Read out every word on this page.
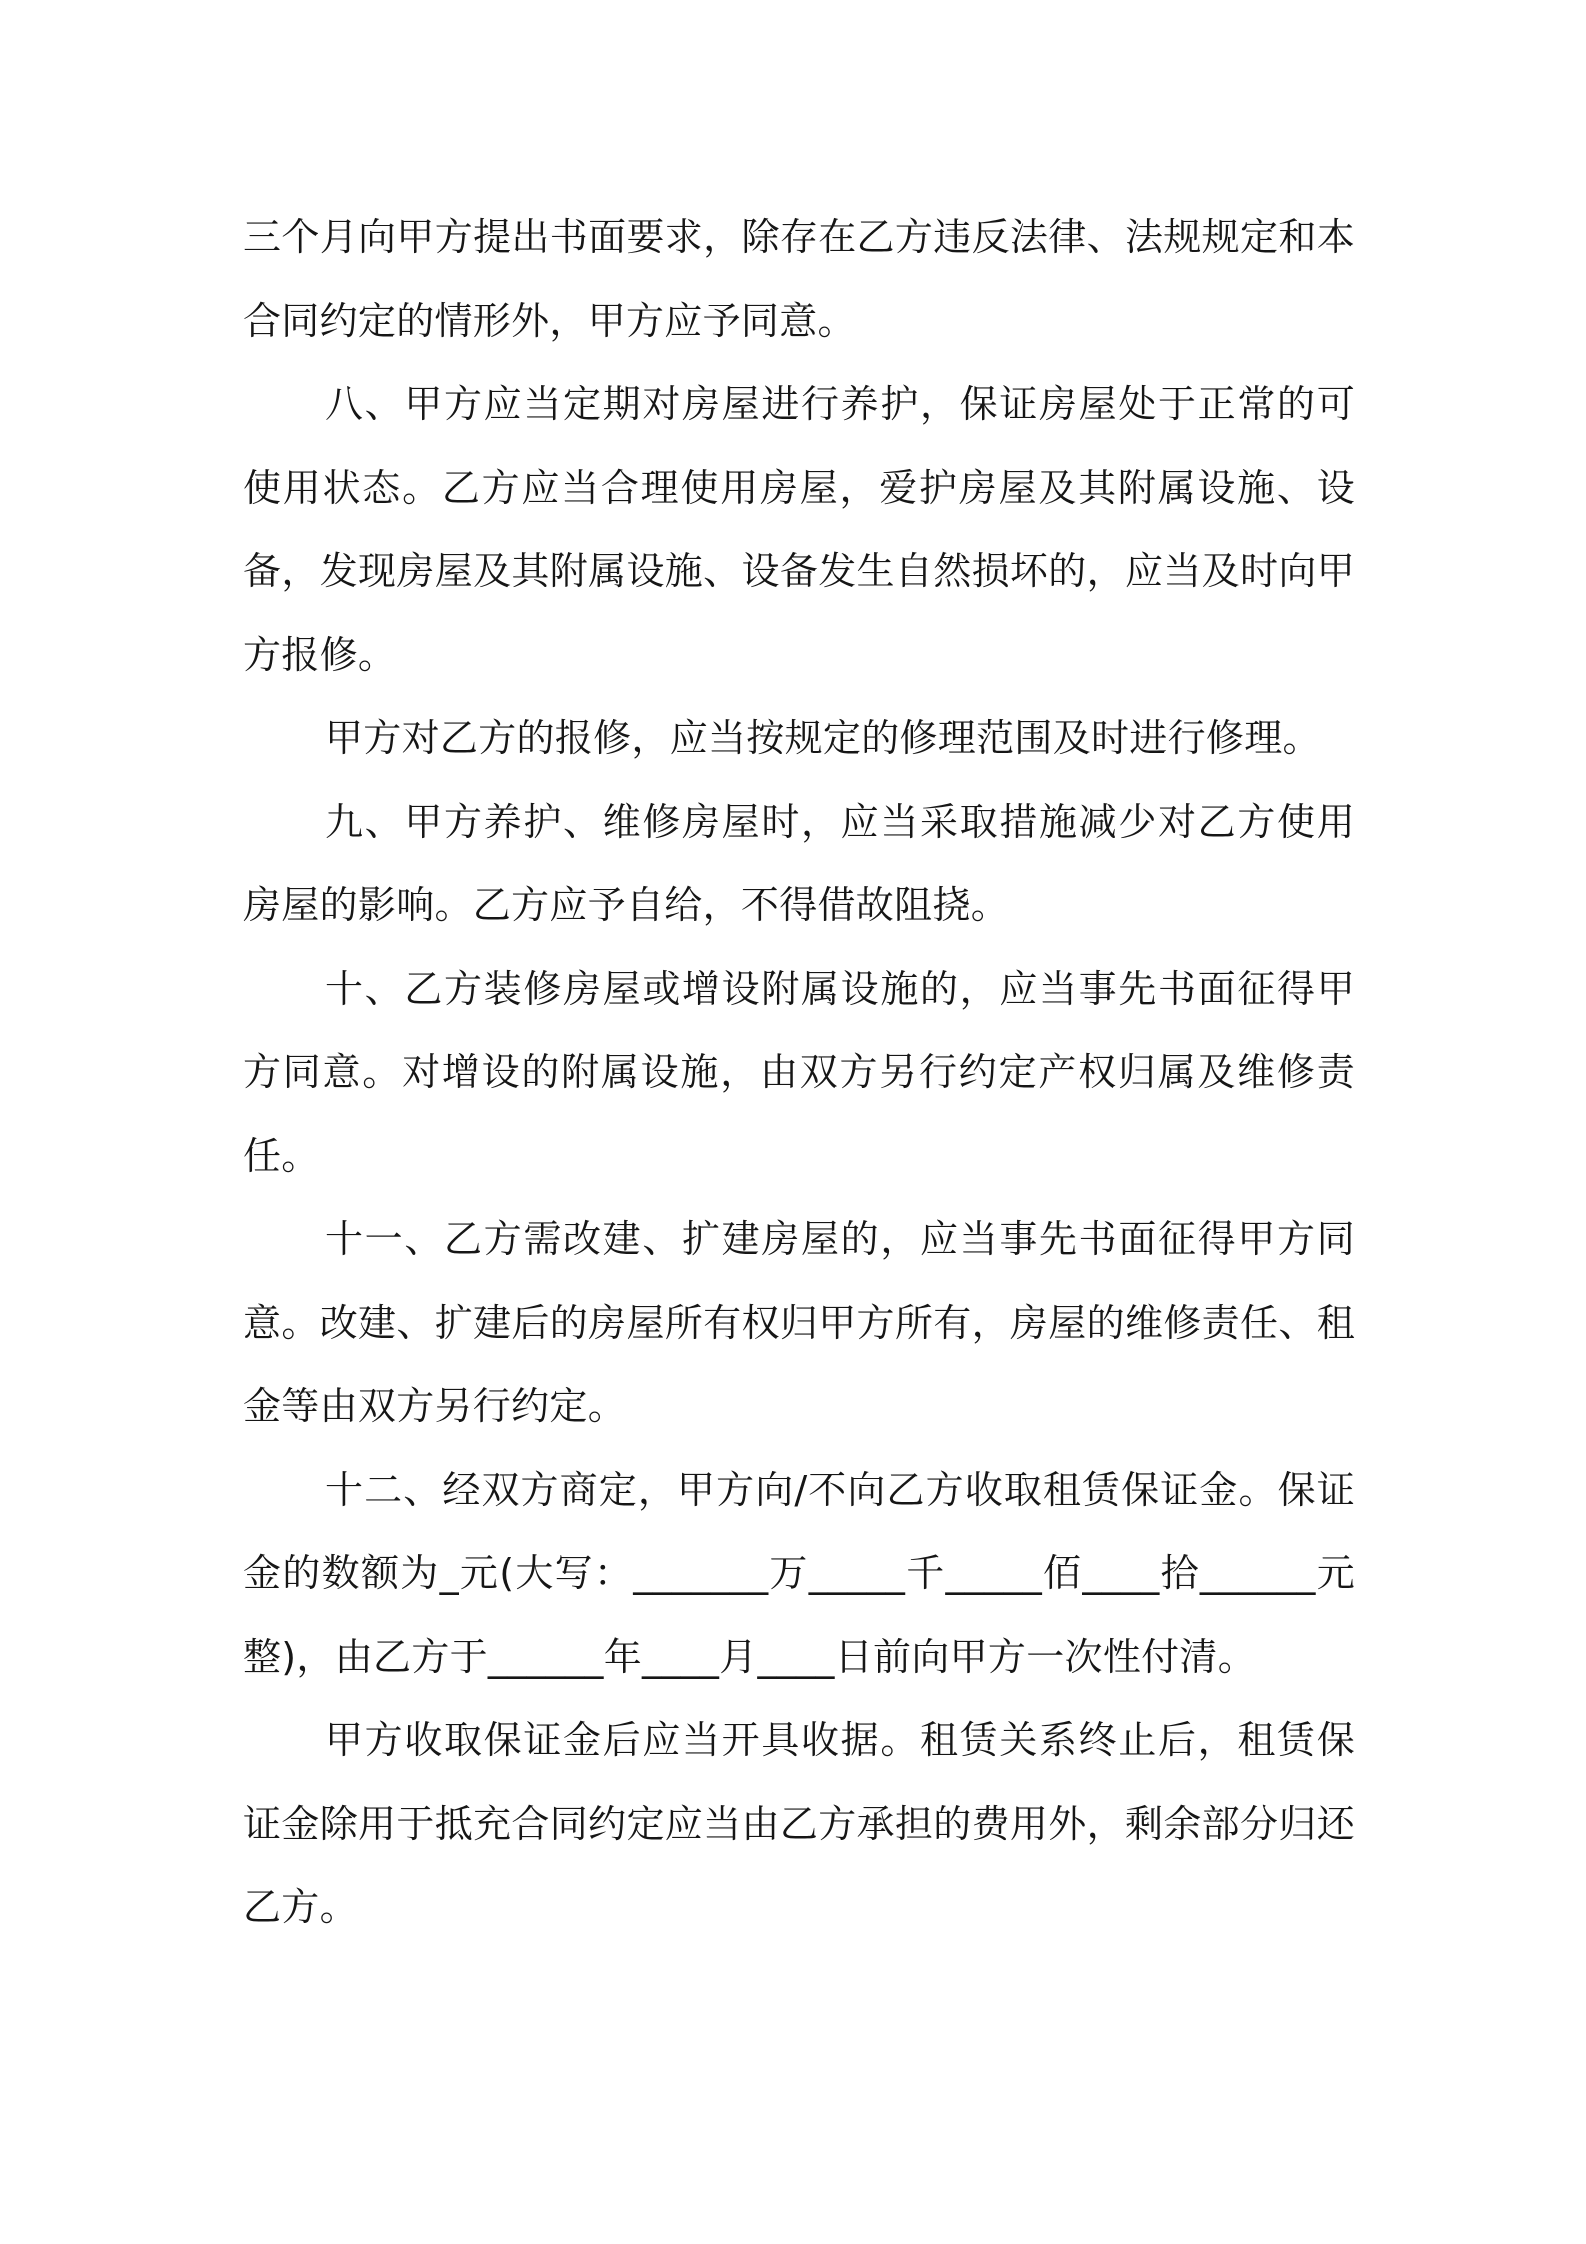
三个月向甲方提出书面要求，除存在乙方违反法律、法规规定和本合同约定的情形外，甲方应予同意。

八、甲方应当定期对房屋进行养护，保证房屋处于正常的可使用状态。乙方应当合理使用房屋，爱护房屋及其附属设施、设备，发现房屋及其附属设施、设备发生自然损坏的，应当及时向甲方报修。

甲方对乙方的报修，应当按规定的修理范围及时进行修理。

九、甲方养护、维修房屋时，应当采取措施减少对乙方使用房屋的影响。乙方应予自给，不得借故阻挠。

十、乙方装修房屋或增设附属设施的，应当事先书面征得甲方同意。对增设的附属设施，由双方另行约定产权归属及维修责任。

十一、乙方需改建、扩建房屋的，应当事先书面征得甲方同意。改建、扩建后的房屋所有权归甲方所有，房屋的维修责任、租金等由双方另行约定。

十二、经双方商定，甲方向/不向乙方收取租赁保证金。保证金的数额为_元(大写：_______万_____千_____佰____拾______元整)，由乙方于______年____月____日前向甲方一次性付清。

甲方收取保证金后应当开具收据。租赁关系终止后，租赁保证金除用于抵充合同约定应当由乙方承担的费用外，剩余部分归还乙方。
